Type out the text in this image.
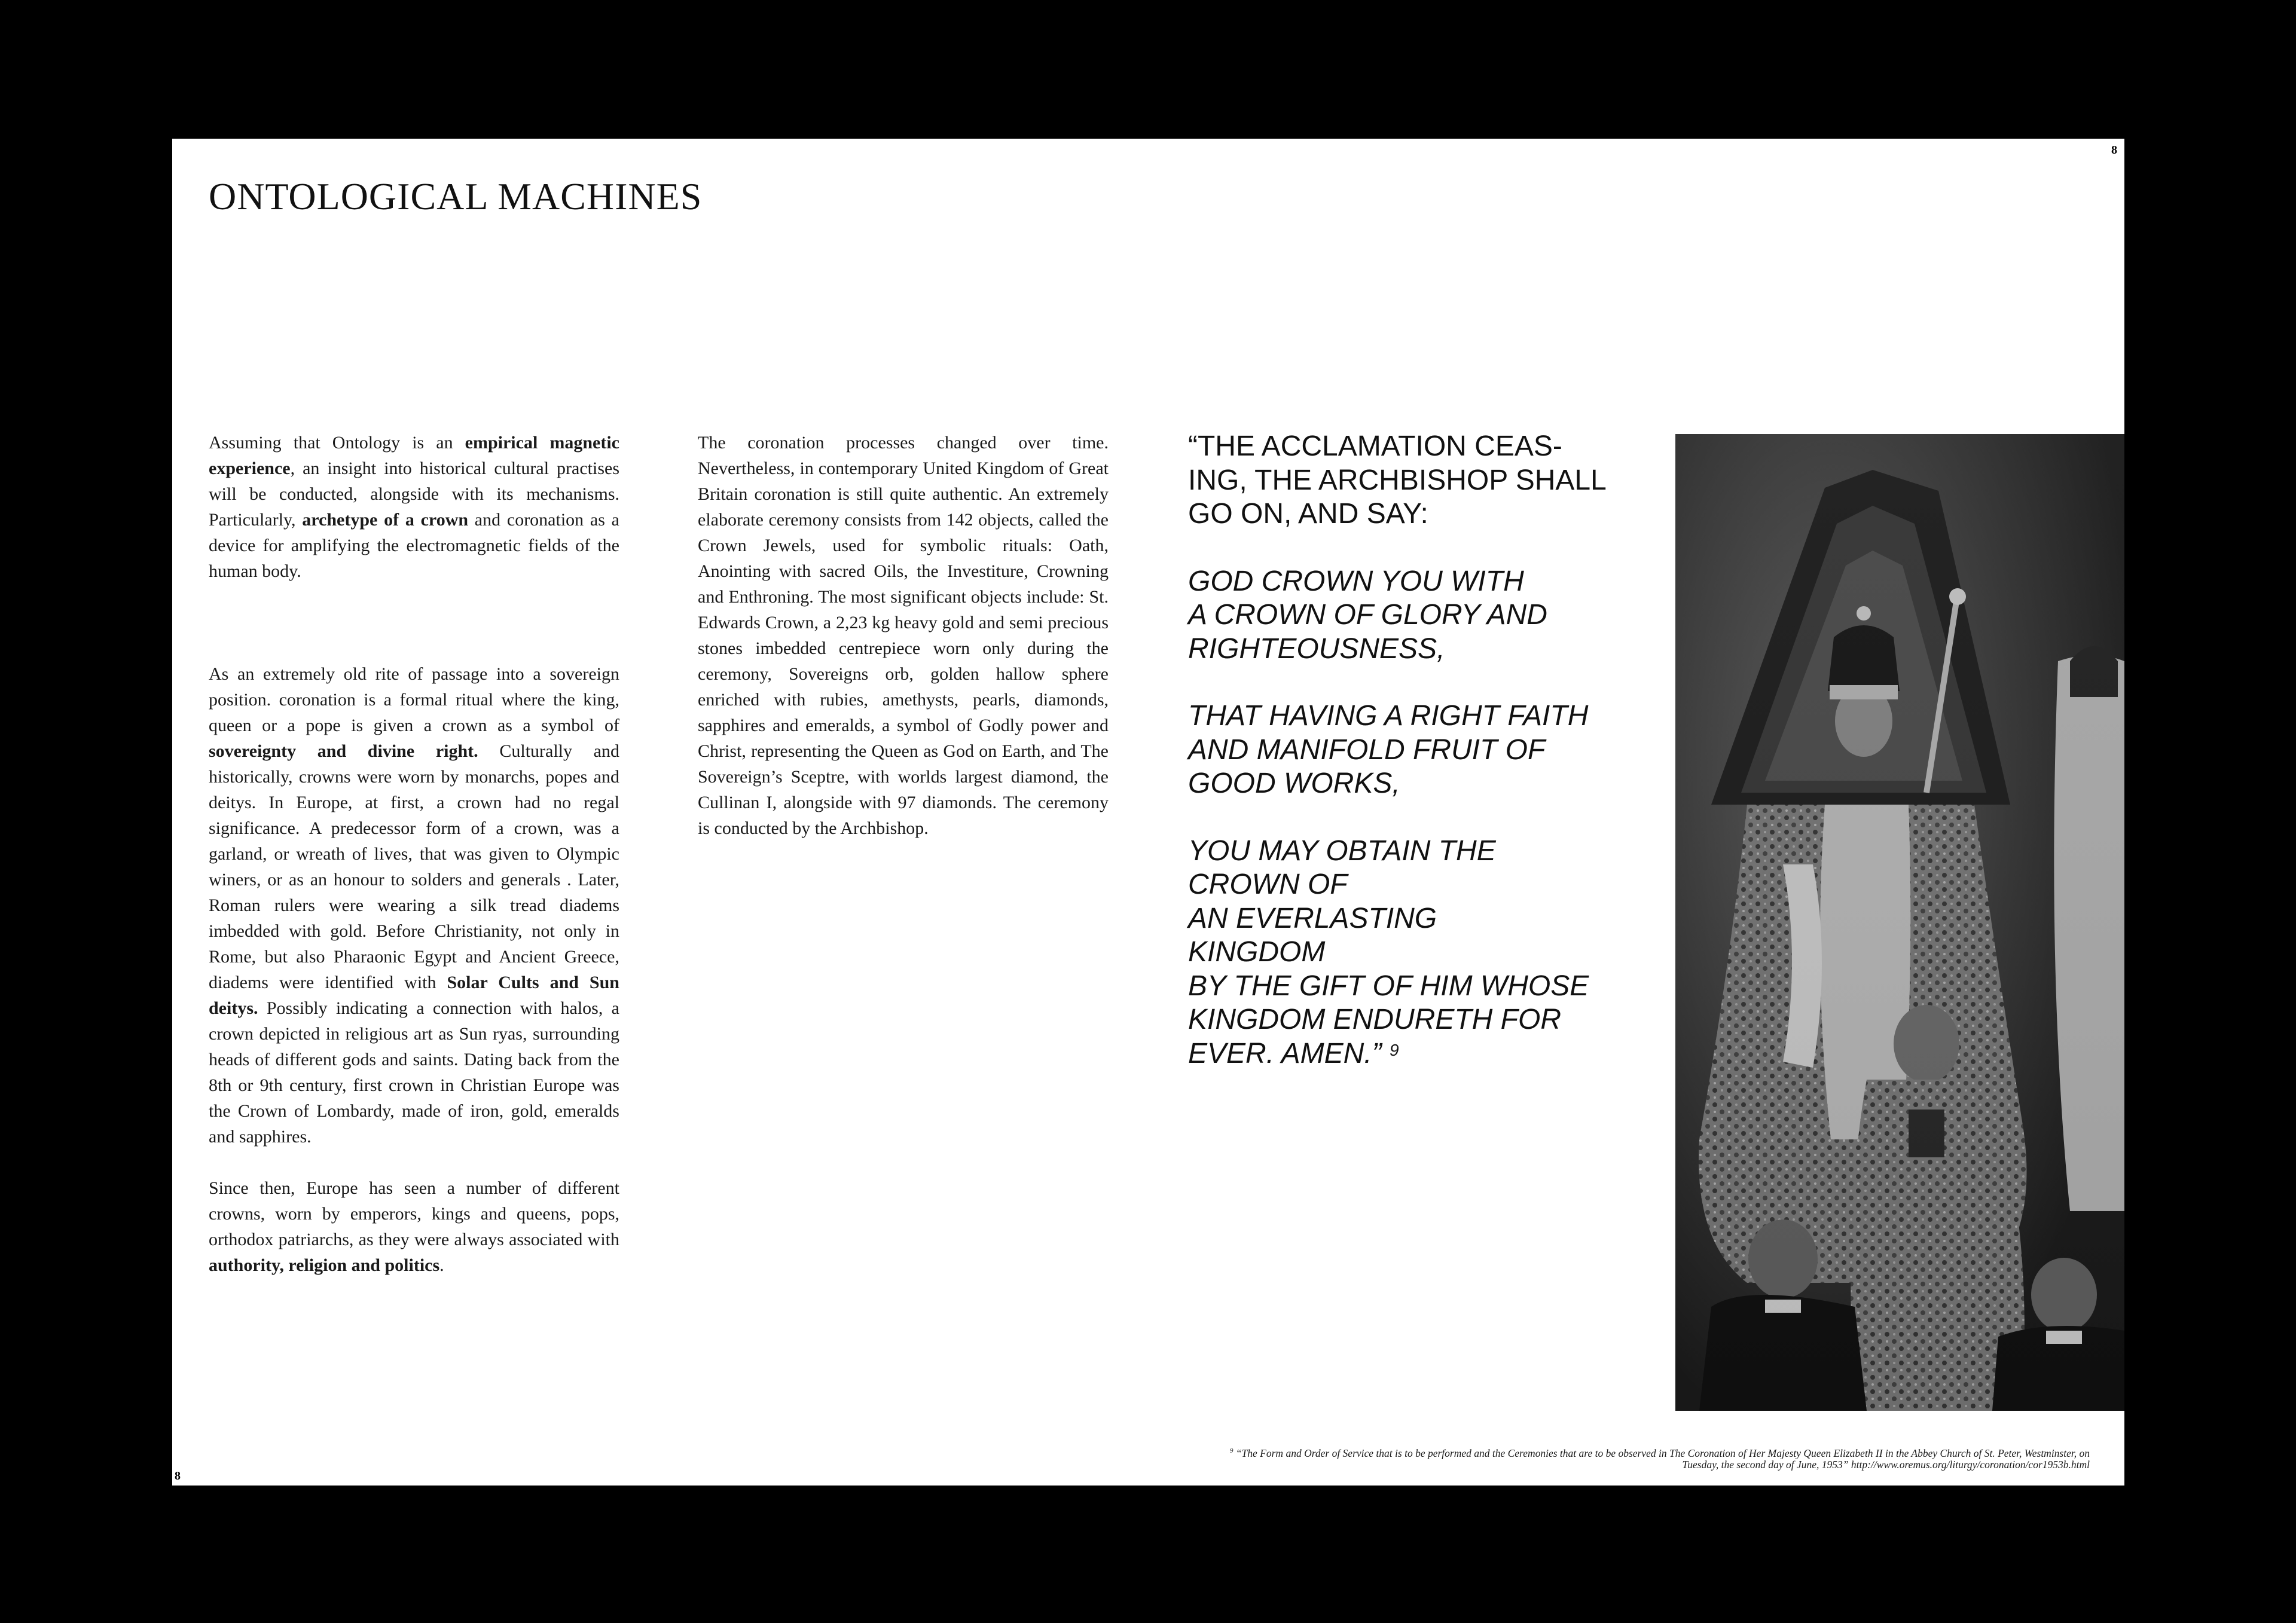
8
8
ONTOLOGICAL MACHINES

Assuming that Ontology is an empirical magnetic experience, an insight into historical cultural practises will be conducted, alongside with its mechanisms. Particularly, archetype of a crown and coronation as a device for amplifying the electromagnetic fields of the human body.

As an extremely old rite of passage into a sovereign position. coronation is a formal ritual where the king, queen or a pope is given a crown as a symbol of sovereignty and divine right. Culturally and historically, crowns were worn by monarchs, popes and deitys. In Europe, at first, a crown had no regal significance. A predecessor form of a crown, was a garland, or wreath of lives, that was given to Olympic winers, or as an honour to solders and generals . Later, Roman rulers were wearing a silk tread diadems imbedded with gold. Before Christianity, not only in Rome, but also Pharaonic Egypt and Ancient Greece, diadems were identified with Solar Cults and Sun deitys. Possibly indicating a connection with halos, a crown depicted in religious art as Sun ryas, surrounding heads of different gods and saints. Dating back from the 8th or 9th century, first crown in Christian Europe was the Crown of Lombardy, made of iron, gold, emeralds and sapphires.

Since then, Europe has seen a number of different crowns, worn by emperors, kings and queens, pops, orthodox patriarchs, as they were always associated with authority, religion and politics.

The coronation processes changed over time. Nevertheless, in contemporary United Kingdom of Great Britain coronation is still quite authentic. An extremely elaborate ceremony consists from 142 objects, called the Crown Jewels, used for symbolic rituals: Oath, Anointing with sacred Oils, the Investiture, Crowning and Enthroning. The most significant objects include: St. Edwards Crown, a 2,23 kg heavy gold and semi precious stones imbedded centrepiece worn only during the ceremony, Sovereigns orb, golden hallow sphere enriched with rubies, amethysts, pearls, diamonds, sapphires and emeralds, a symbol of Godly power and Christ, representing the Queen as God on Earth, and The Sovereign’s Sceptre, with worlds largest diamond, the Cullinan I, alongside with 97 diamonds. The ceremony is conducted by the Archbishop.

“THE ACCLAMATION CEAS-

ING, THE ARCHBISHOP SHALL

GO ON, AND SAY:

GOD CROWN YOU WITH

A CROWN OF GLORY AND

RIGHTEOUSNESS,

THAT HAVING A RIGHT FAITH

AND MANIFOLD FRUIT OF

GOOD WORKS,

YOU MAY OBTAIN THE

CROWN OF

AN EVERLASTING

KINGDOM

BY THE GIFT OF HIM WHOSE

KINGDOM ENDURETH FOR

EVER. AMEN.” $^9$

$^9$ “The Form and Order of Service that is to be performed and the Ceremonies that are to be observed in The Coronation of Her Majesty Queen Elizabeth II in the Abbey Church of St. Peter, Westminster, on Tuesday, the second day of June, 1953” http://www.oremus.org/liturgy/coronation/cor1953b.html
